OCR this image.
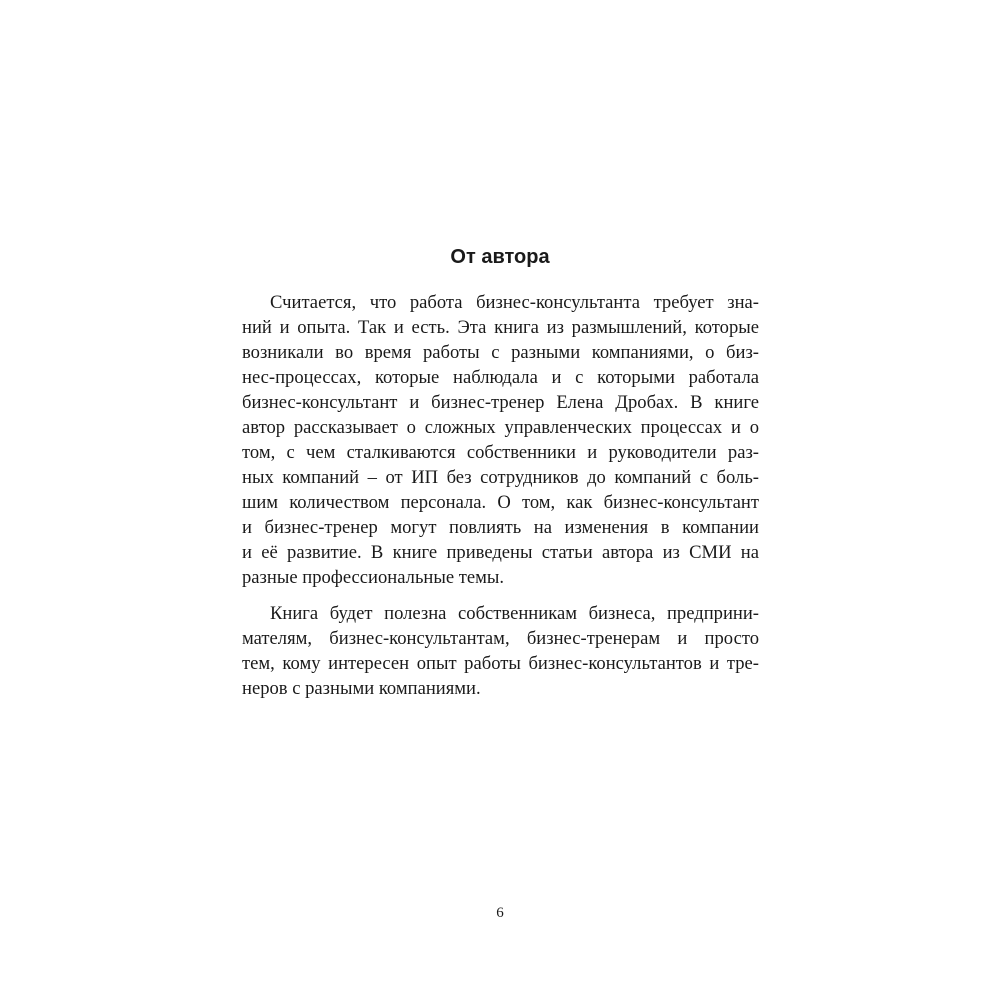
От автора
Считается, что работа бизнес-консультанта требует зна-
ний и опыта. Так и есть. Эта книга из размышлений, которые
возникали во время работы с разными компаниями, о биз-
нес-процессах, которые наблюдала и с которыми работала
бизнес-консультант и бизнес-тренер Елена Дробах. В книге
автор рассказывает о сложных управленческих процессах и о
том, с чем сталкиваются собственники и руководители раз-
ных компаний – от ИП без сотрудников до компаний с боль-
шим количеством персонала. О том, как бизнес-консультант
и бизнес-тренер могут повлиять на изменения в компании
и её развитие. В книге приведены статьи автора из СМИ на
разные профессиональные темы.
Книга будет полезна собственникам бизнеса, предприни-
мателям, бизнес-консультантам, бизнес-тренерам и просто
тем, кому интересен опыт работы бизнес-консультантов и тре-
неров с разными компаниями.
6
